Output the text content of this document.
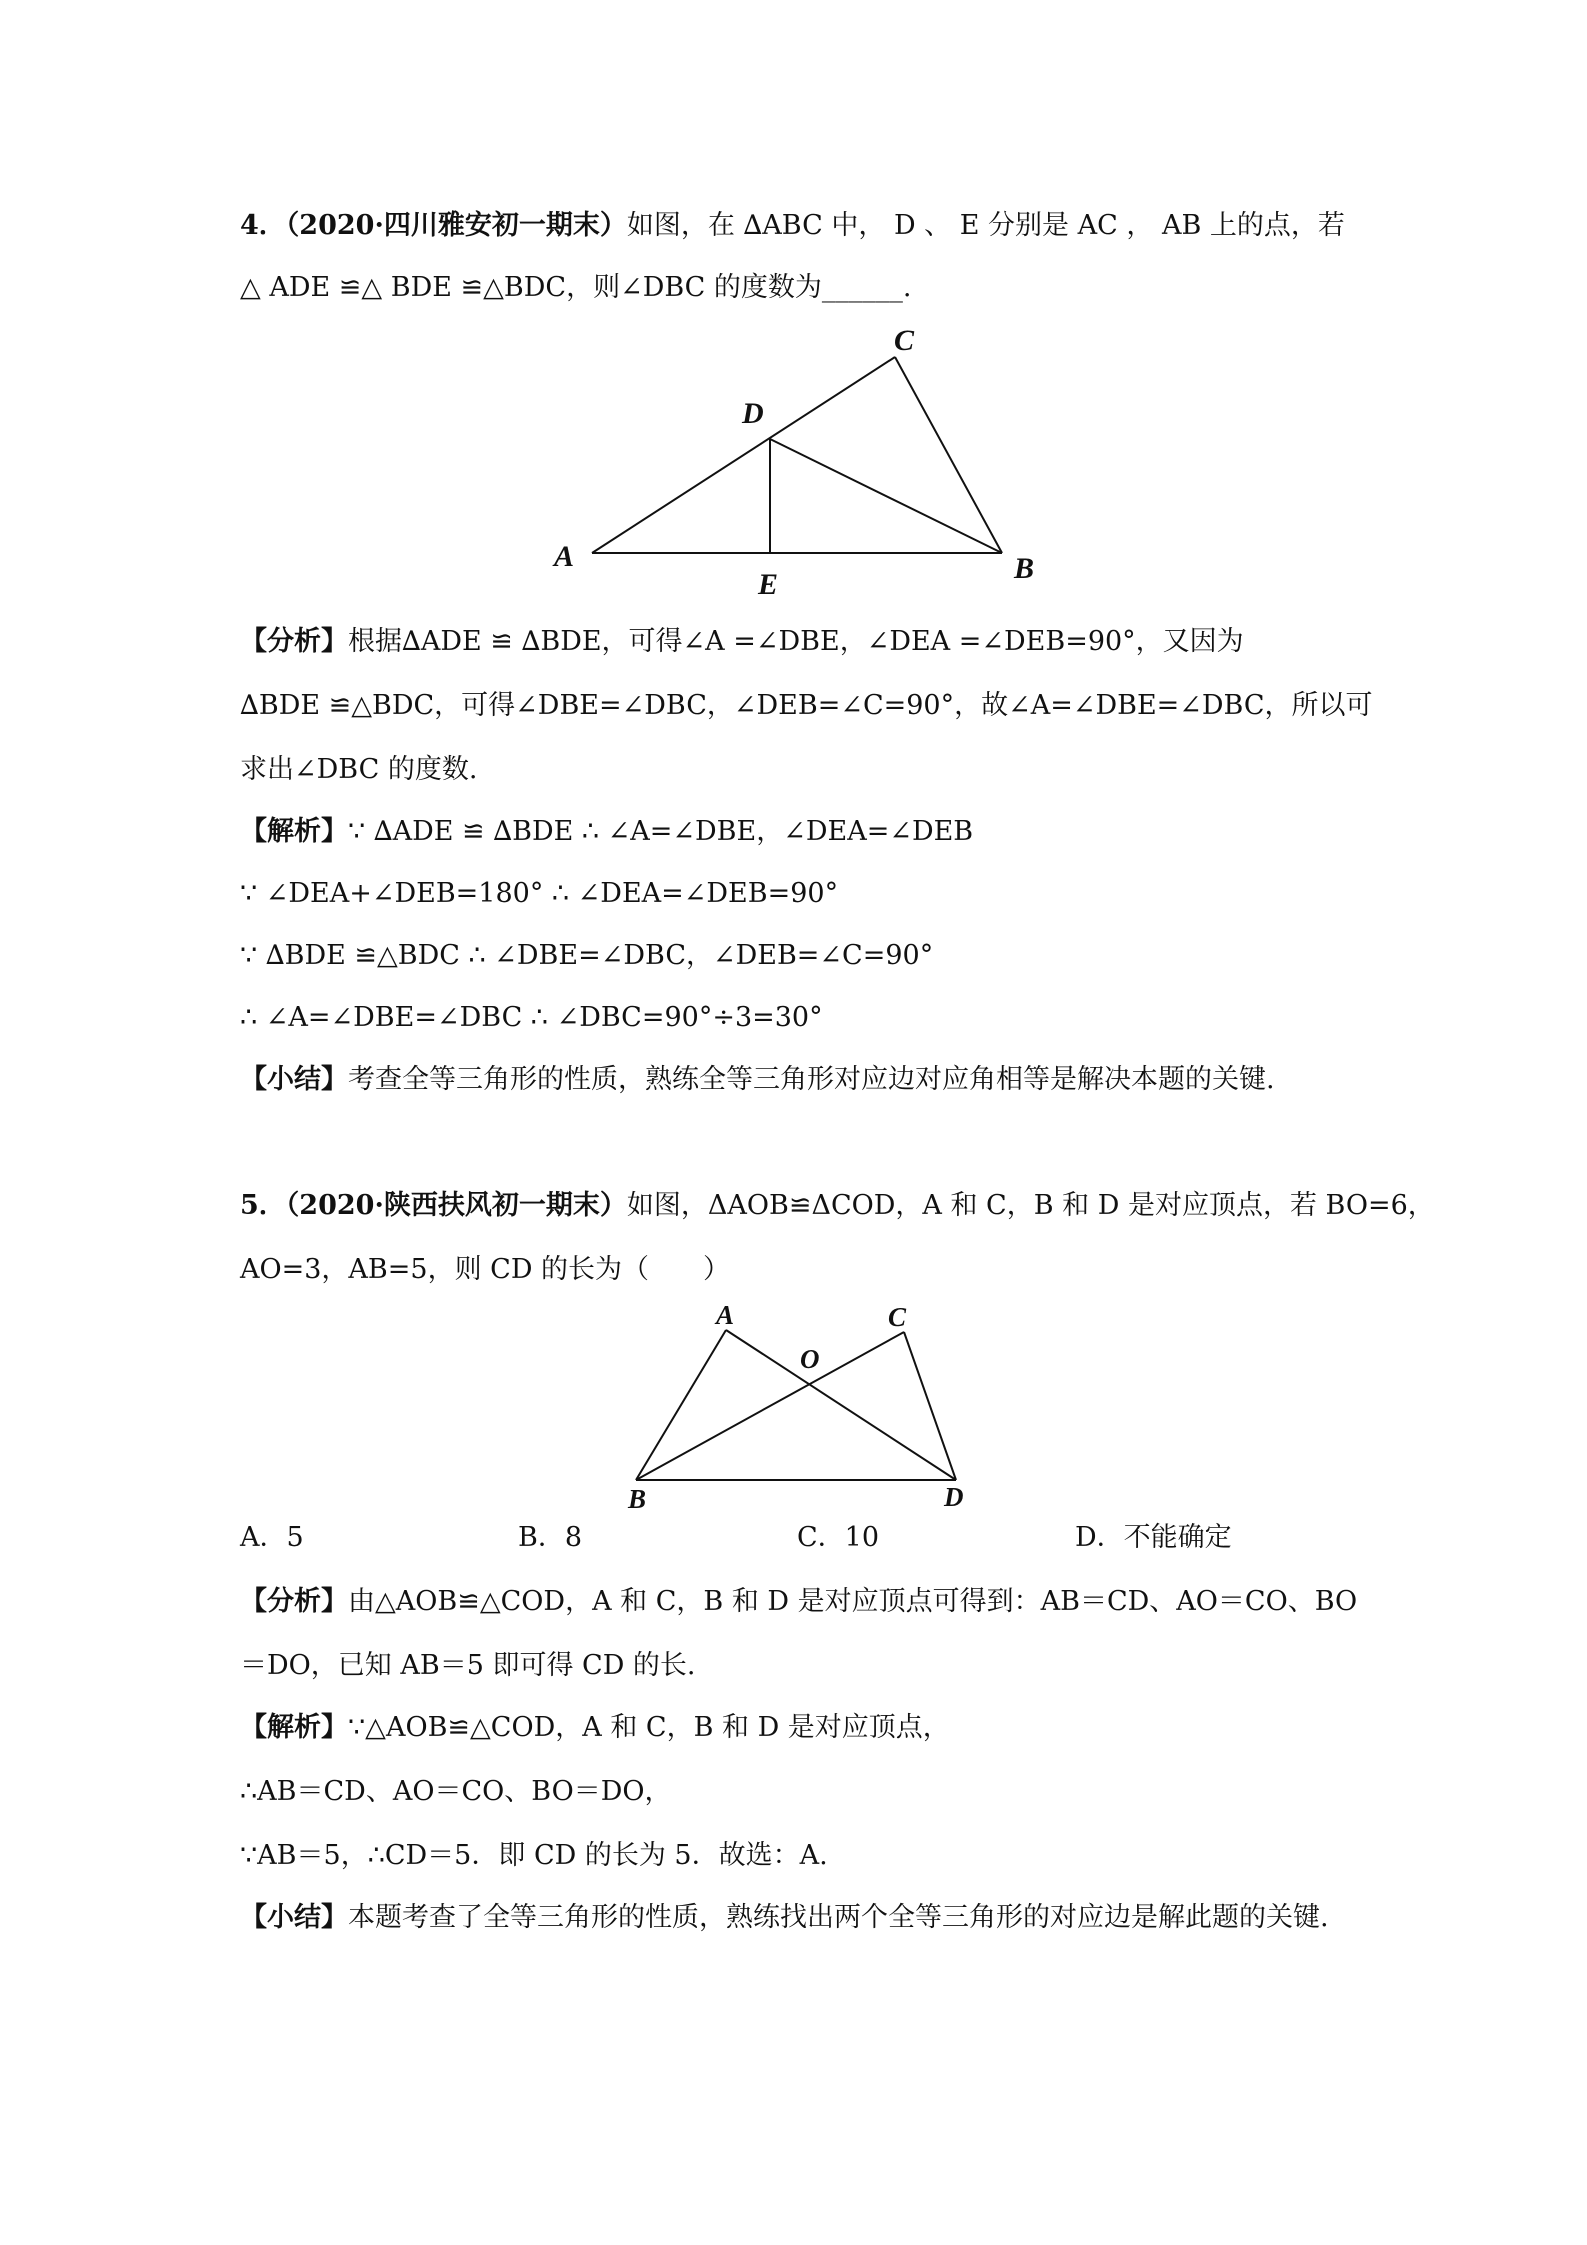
4．（2020·四川雅安初一期末）如图，在 ∆ABC 中， D 、 E 分别是 AC ， AB 上的点，若
△ ADE ≌△ BDE ≌△BDC，则∠DBC 的度数为______.
A	B
C
D
E
【分析】根据∆ADE ≌ ∆BDE，可得∠A =∠DBE，∠DEA =∠DEB=90°，又因为
∆BDE ≌△BDC，可得∠DBE=∠DBC，∠DEB=∠C=90°，故∠A=∠DBE=∠DBC，所以可
求出∠DBC 的度数.
【解析】∵ ∆ADE ≌ ∆BDE ∴ ∠A=∠DBE，∠DEA=∠DEB
∵ ∠DEA+∠DEB=180° ∴ ∠DEA=∠DEB=90°
∵ ∆BDE ≌△BDC ∴ ∠DBE=∠DBC，∠DEB=∠C=90°
∴ ∠A=∠DBE=∠DBC ∴ ∠DBC=90°÷3=30°
【小结】考查全等三角形的性质，熟练全等三角形对应边对应角相等是解决本题的关键.
5．（2020·陕西扶风初一期末）如图，ΔAOB≌ΔCOD，A 和 C，B 和 D 是对应顶点，若 BO=6，
AO=3，AB=5，则 CD 的长为（　　）
A	C
O
B	D
A．5	B．8	C．10	D．不能确定
【分析】由△AOB≌△COD，A 和 C，B 和 D 是对应顶点可得到：AB＝CD、AO＝CO、BO
＝DO，已知 AB＝5 即可得 CD 的长.
【解析】∵△AOB≌△COD，A 和 C，B 和 D 是对应顶点，
∴AB＝CD、AO＝CO、BO＝DO，
∵AB＝5，∴CD＝5．即 CD 的长为 5．故选：A.
【小结】本题考查了全等三角形的性质，熟练找出两个全等三角形的对应边是解此题的关键.
